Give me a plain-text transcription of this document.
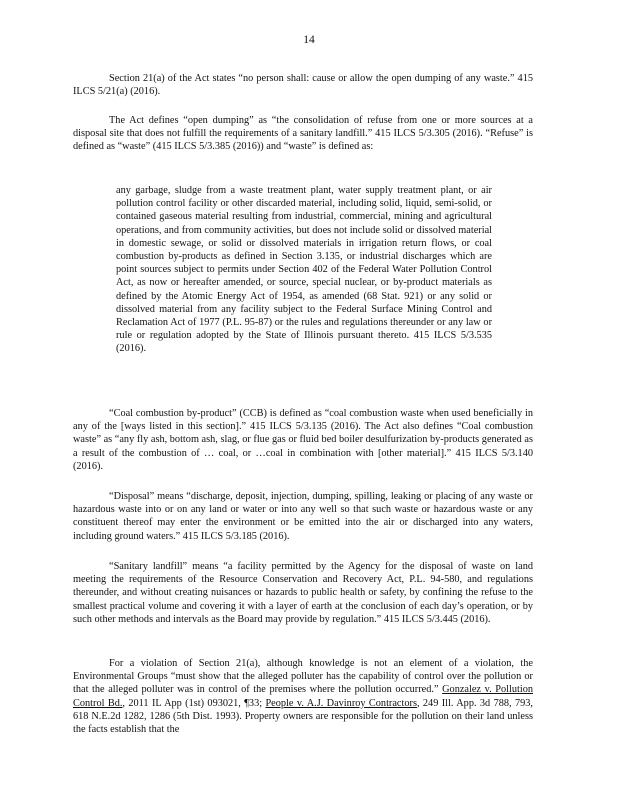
14

Section 21(a) of the Act states “no person shall: cause or allow the open dumping of any waste.” 415 ILCS 5/21(a) (2016).

The Act defines “open dumping” as “the consolidation of refuse from one or more sources at a disposal site that does not fulfill the requirements of a sanitary landfill.” 415 ILCS 5/3.305 (2016). “Refuse” is defined as “waste” (415 ILCS 5/3.385 (2016)) and “waste” is defined as:

any garbage, sludge from a waste treatment plant, water supply treatment plant, or air pollution control facility or other discarded material, including solid, liquid, semi-solid, or contained gaseous material resulting from industrial, commercial, mining and agricultural operations, and from community activities, but does not include solid or dissolved material in domestic sewage, or solid or dissolved materials in irrigation return flows, or coal combustion by-products as defined in Section 3.135, or industrial discharges which are point sources subject to permits under Section 402 of the Federal Water Pollution Control Act, as now or hereafter amended, or source, special nuclear, or by-product materials as defined by the Atomic Energy Act of 1954, as amended (68 Stat. 921) or any solid or dissolved material from any facility subject to the Federal Surface Mining Control and Reclamation Act of 1977 (P.L. 95-87) or the rules and regulations thereunder or any law or rule or regulation adopted by the State of Illinois pursuant thereto. 415 ILCS 5/3.535 (2016).

“Coal combustion by-product” (CCB) is defined as “coal combustion waste when used beneficially in any of the [ways listed in this section].” 415 ILCS 5/3.135 (2016). The Act also defines “Coal combustion waste” as “any fly ash, bottom ash, slag, or flue gas or fluid bed boiler desulfurization by-products generated as a result of the combustion of … coal, or …coal in combination with [other material].” 415 ILCS 5/3.140 (2016).

“Disposal” means “discharge, deposit, injection, dumping, spilling, leaking or placing of any waste or hazardous waste into or on any land or water or into any well so that such waste or hazardous waste or any constituent thereof may enter the environment or be emitted into the air or discharged into any waters, including ground waters.” 415 ILCS 5/3.185 (2016).

“Sanitary landfill” means “a facility permitted by the Agency for the disposal of waste on land meeting the requirements of the Resource Conservation and Recovery Act, P.L. 94-580, and regulations thereunder, and without creating nuisances or hazards to public health or safety, by confining the refuse to the smallest practical volume and covering it with a layer of earth at the conclusion of each day’s operation, or by such other methods and intervals as the Board may provide by regulation.” 415 ILCS 5/3.445 (2016).

For a violation of Section 21(a), although knowledge is not an element of a violation, the Environmental Groups “must show that the alleged polluter has the capability of control over the pollution or that the alleged polluter was in control of the premises where the pollution occurred.” Gonzalez v. Pollution Control Bd., 2011 IL App (1st) 093021, ¶33; People v. A.J. Davinroy Contractors, 249 Ill. App. 3d 788, 793, 618 N.E.2d 1282, 1286 (5th Dist. 1993). Property owners are responsible for the pollution on their land unless the facts establish that the
